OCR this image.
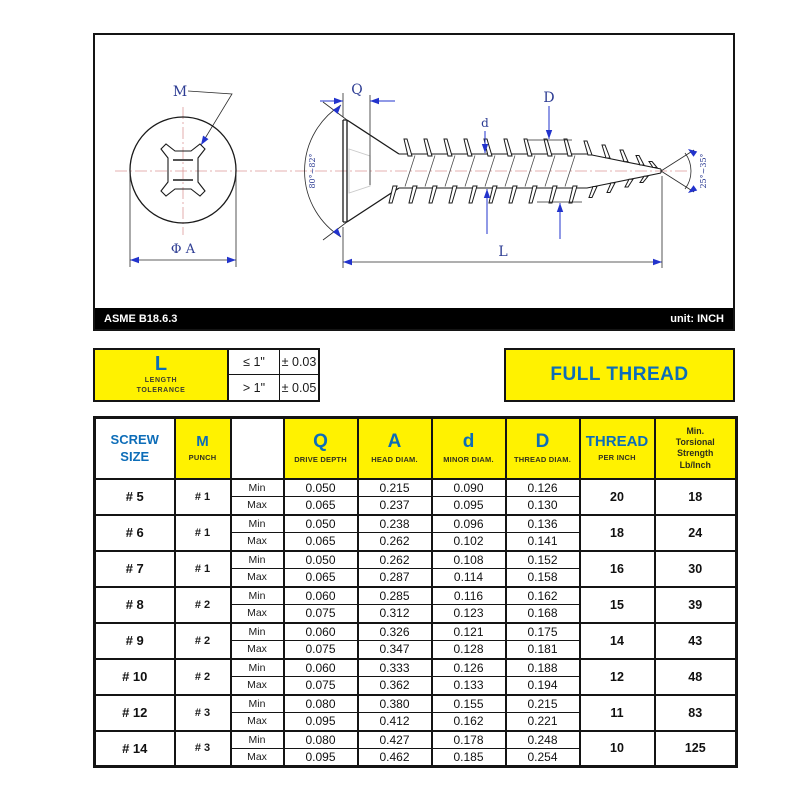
M
Φ A
Q
80°~82°
d
D
L
25°~35°
ASME B18.6.3	unit: INCH
L
LENGTH
TOLERANCE
≤ 1"	± 0.03
> 1"	± 0.05
FULL THREAD
SCREW
SIZE

M
PUNCH

Q
DRIVE DEPTH

A
HEAD DIAM.

d
MINOR DIAM.

D
THREAD DIAM.

THREAD
PER INCH

Min.
Torsional
Strength
Lb/Inch

# 5	# 1	Min	0.050	0.215	0.090	0.126	20	18
		Max	0.065	0.237	0.095	0.130		
# 6	# 1	Min	0.050	0.238	0.096	0.136	18	24
		Max	0.065	0.262	0.102	0.141		
# 7	# 1	Min	0.050	0.262	0.108	0.152	16	30
		Max	0.065	0.287	0.114	0.158		
# 8	# 2	Min	0.060	0.285	0.116	0.162	15	39
		Max	0.075	0.312	0.123	0.168		
# 9	# 2	Min	0.060	0.326	0.121	0.175	14	43
		Max	0.075	0.347	0.128	0.181		
# 10	# 2	Min	0.060	0.333	0.126	0.188	12	48
		Max	0.075	0.362	0.133	0.194		
# 12	# 3	Min	0.080	0.380	0.155	0.215	11	83
		Max	0.095	0.412	0.162	0.221		
# 14	# 3	Min	0.080	0.427	0.178	0.248	10	125
		Max	0.095	0.462	0.185	0.254		
